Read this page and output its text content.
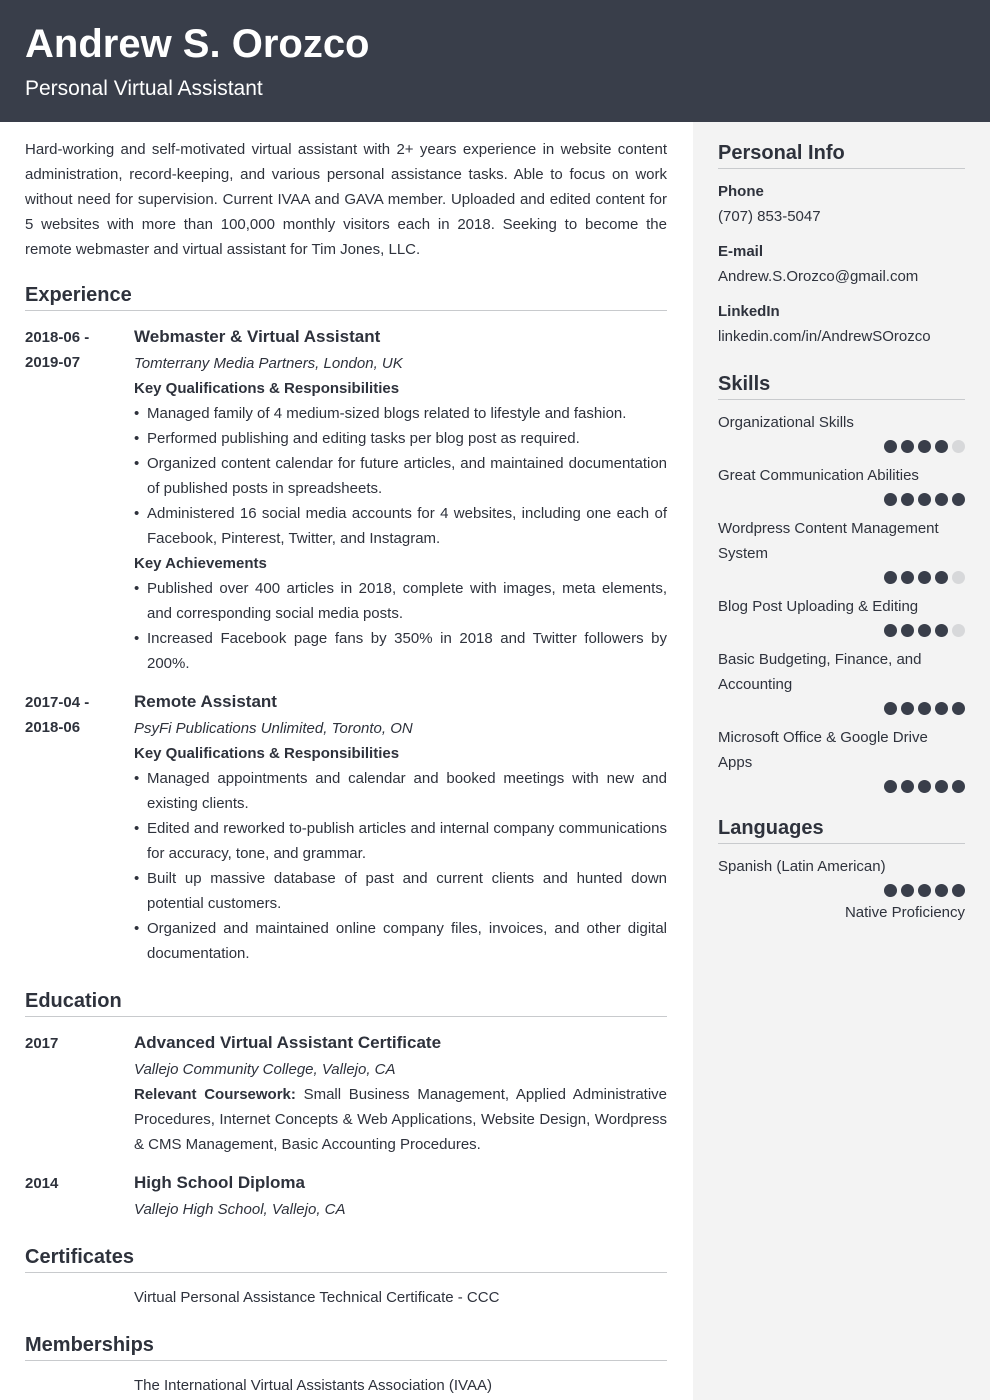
Andrew S. Orozco
Personal Virtual Assistant

Hard-working and self-motivated virtual assistant with 2+ years experience in website content administration, record-keeping, and various personal assistance tasks. Able to focus on work without need for supervision. Current IVAA and GAVA member. Uploaded and edited content for 5 websites with more than 100,000 monthly visitors each in 2018. Seeking to become the remote webmaster and virtual assistant for Tim Jones, LLC.

Experience
2018-06 -
2019-07
Webmaster & Virtual Assistant
Tomterrany Media Partners, London, UK
Key Qualifications & Responsibilities
• Managed family of 4 medium-sized blogs related to lifestyle and fashion.
• Performed publishing and editing tasks per blog post as required.
• Organized content calendar for future articles, and maintained documentation of published posts in spreadsheets.
• Administered 16 social media accounts for 4 websites, including one each of Facebook, Pinterest, Twitter, and Instagram.
Key Achievements
• Published over 400 articles in 2018, complete with images, meta elements, and corresponding social media posts.
• Increased Facebook page fans by 350% in 2018 and Twitter followers by 200%.
2017-04 -
2018-06
Remote Assistant
PsyFi Publications Unlimited, Toronto, ON
Key Qualifications & Responsibilities
• Managed appointments and calendar and booked meetings with new and existing clients.
• Edited and reworked to-publish articles and internal company communications for accuracy, tone, and grammar.
• Built up massive database of past and current clients and hunted down potential customers.
• Organized and maintained online company files, invoices, and other digital documentation.
Education
2017	Advanced Virtual Assistant Certificate
Vallejo Community College, Vallejo, CA
Relevant Coursework: Small Business Management, Applied Administrative Procedures, Internet Concepts & Web Applications, Website Design, Wordpress & CMS Management, Basic Accounting Procedures.
2014	High School Diploma
Vallejo High School, Vallejo, CA
Certificates
Virtual Personal Assistance Technical Certificate - CCC
Memberships
The International Virtual Assistants Association (IVAA)
Personal Info
Phone
(707) 853-5047
E-mail
Andrew.S.Orozco@gmail.com
LinkedIn
linkedin.com/in/AndrewSOrozco
Skills
Organizational Skills
Great Communication Abilities
Wordpress Content Management System
Blog Post Uploading & Editing
Basic Budgeting, Finance, and Accounting
Microsoft Office & Google Drive Apps
Languages
Spanish (Latin American)
Native Proficiency
